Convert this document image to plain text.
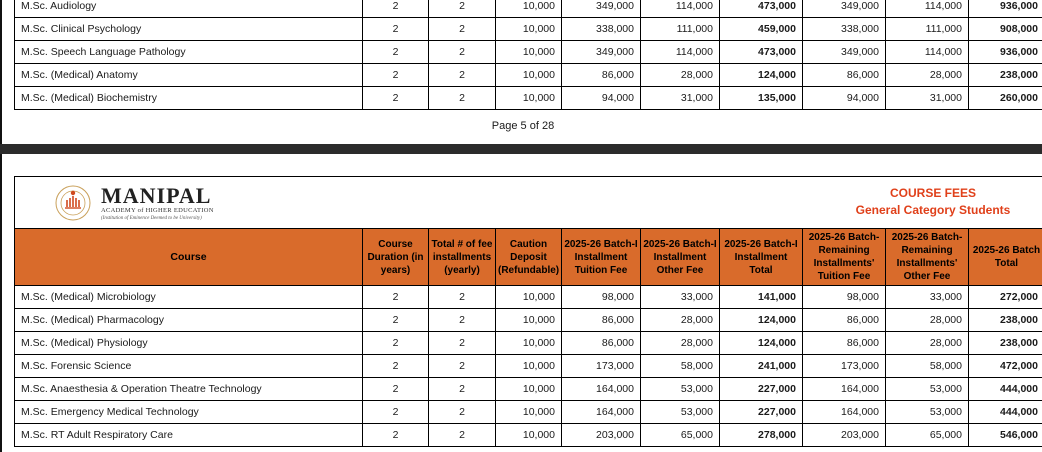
M.Sc. Audiology	2	2	10,000	349,000	114,000	473,000	349,000	114,000	936,000
M.Sc. Clinical Psychology	2	2	10,000	338,000	111,000	459,000	338,000	111,000	908,000
M.Sc. Speech Language Pathology	2	2	10,000	349,000	114,000	473,000	349,000	114,000	936,000
M.Sc. (Medical) Anatomy	2	2	10,000	86,000	28,000	124,000	86,000	28,000	238,000
M.Sc. (Medical) Biochemistry	2	2	10,000	94,000	31,000	135,000	94,000	31,000	260,000
Page 5 of 28
MANIPAL
ACADEMY of HIGHER EDUCATION
(Institution of Eminence Deemed to be University)
COURSE FEES
General Category Students
Course	Course Duration (in years)	Total # of fee installments (yearly)	Caution Deposit (Refundable)	2025-26 Batch-I Installment Tuition Fee	2025-26 Batch-I Installment Other Fee	2025-26 Batch-I Installment Total	2025-26 Batch-Remaining Installments' Tuition Fee	2025-26 Batch-Remaining Installments' Other Fee	2025-26 Batch Total
M.Sc. (Medical) Microbiology	2	2	10,000	98,000	33,000	141,000	98,000	33,000	272,000
M.Sc. (Medical) Pharmacology	2	2	10,000	86,000	28,000	124,000	86,000	28,000	238,000
M.Sc. (Medical) Physiology	2	2	10,000	86,000	28,000	124,000	86,000	28,000	238,000
M.Sc. Forensic Science	2	2	10,000	173,000	58,000	241,000	173,000	58,000	472,000
M.Sc. Anaesthesia & Operation Theatre Technology	2	2	10,000	164,000	53,000	227,000	164,000	53,000	444,000
M.Sc. Emergency Medical Technology	2	2	10,000	164,000	53,000	227,000	164,000	53,000	444,000
M.Sc. RT Adult Respiratory Care	2	2	10,000	203,000	65,000	278,000	203,000	65,000	546,000
